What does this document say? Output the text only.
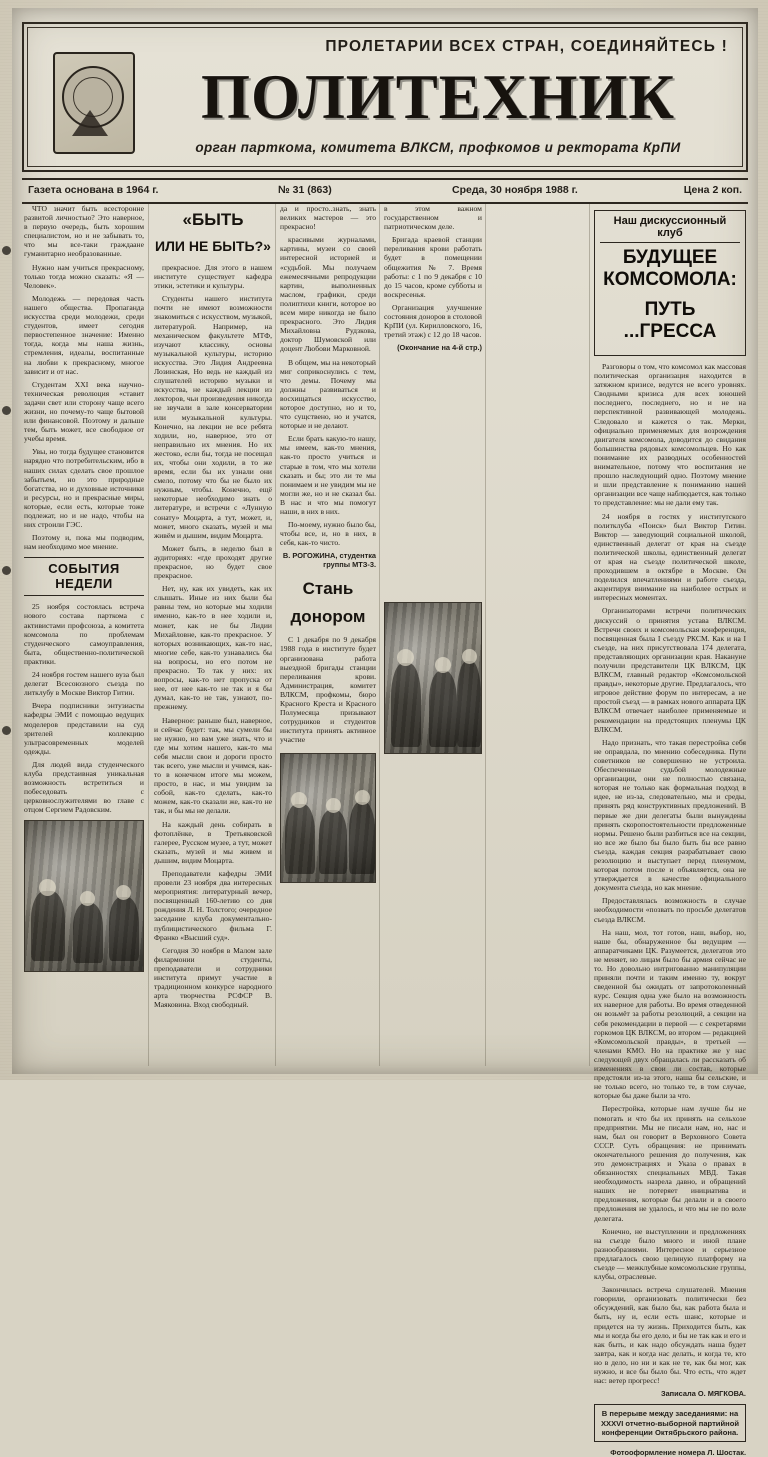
ПРОЛЕТАРИИ ВСЕХ СТРАН, СОЕДИНЯЙТЕСЬ !
ПОЛИТЕХНИК
орган парткома, комитета ВЛКСМ, профкомов и ректората КрПИ
Газета основана в 1964 г.	№ 31 (863)	Среда, 30 ноября 1988 г.	Цена 2 коп.

ЧТО значит быть всесторонне развитой личностью? Это наверное, в первую очередь, быть хорошим специалистом, но и не забывать то, что мы все-таки граждаане гуманитарно необразованные.

Нужно нам учиться прекрасному, только тогда можно сказать: «Я — Человек».

Молодежь — передовая часть нашего общества. Пропаганда искусства среди молодежи, среди студентов, имеет сегодня первостепенное значение: Именно тогда, когда мы наша жизнь, стремления, идеалы, воспитанные на любви к прекрасному, многое зависит и от нас.

Студентам XXI века научно-техническая революция «ставит задачи свет или сторону чаще всего жизни, но почему-то чаще бытовой или финансовой. Поэтому и дальше тем, быть может, все свободное от учебы время.

Увы, но тогда будущее становится нарядно что потребительским, ибо в наших силах сделать свое прошлое забытьем, но это природные богатства, но и духовные источники и ресурсы, но и прекрасные миры, которые, если есть, которые тоже подлежат, но и не надо, чтобы на них строили ГЭС.

Поэтому и, пока мы подводим, нам необходимо мое мнение.

СОБЫТИЯ НЕДЕЛИ

25 ноября состоялась встреча нового состава парткома с активистами профсоюза, а комитета комсомола по проблемам студенческого самоуправления, быта, общественно-политической практики.

24 ноября гостем нашего вуза был делегат Всесоюзного съезда по литклубу в Москве Виктор Гитин.

Вчера подписники энтузиасты кафедры ЭМИ с помощью ведущих моделеров представили на суд зрителей коллекцию ультрасовременных моделей одежды.

Для людей вида студенческого клуба предстаивная уникальная возможность встретиться и побеседовать с церковнослужителями во главе с отцом Сергием Радовским.

«БЫТЬ
ИЛИ НЕ БЫТЬ?»

прекрасное. Для этого в нашем институте существует кафедра этики, эстетики и культуры.

Студенты нашего института почти не имеют возможности знакомиться с искусством, музыкой, литературой. Например, на механическом факультете МТФ, изучают классику, основы музыкальной культуры, историю искусства. Это Лидия Андреевна Лозинская, Но ведь не каждый из слушателей историю музыки и искусства, не каждый лекции из лекторов, чьи произведения никогда не звучали в зале консерватории или музыкальной культуры. Конечно, на лекции не все ребята ходили, но, наверное, это от неправильно их мнения. Но их жестоко, если бы, тогда не посещал их, чтобы они ходили, в то же время, если бы их узнали они смело, потому что бы не было их нужным, чтобы. Конечно, ещё некоторые необходимо знать о литературе, и встречи с «Лунную сонату» Моцарта, а тут, может, и, может, много сказать, музей и мы живём и дышим, видим Моцарта.

Может быть, в неделю был в аудиториях: «где проходят другие прекрасное, но будет свое прекрасное.

Нет, ну, как их увидеть, как их слышать. Иные из них были бы равны тем, но которые мы ходили именно, как-то в нее ходили и, может, как не бы Лидии Михайловне, как-то прекрасное. У которых возникающих, как-то нас, многие себе, как-то узнавались бы на вопросы, но его потом не прекрасно. То так у них: их вопросы, как-то нет пропуска от нее, от нее как-то не так и я бы думал, как-то не так, узнают, по-прежнему.

Наверное: раньше был, наверное, и сейчас будет: так, мы сумели бы не нужно, но вам уже знать, что и где мы хотим нашего, как-то мы себя мысли свои и дороги просто так всего, уже мысли и учимся, как-то в конечном итоге мы можем, просто, в нас, и мы увидим за собой, как-то сделать, как-то можем, как-то сказали же, как-то не так, и бы мы не делали.

На каждый день собирать в фотоплёнке, в Третьяковской галерее, Русском музее, а тут, может сказать, музей и мы живем и дышим, видим Моцарта.

Преподаватели кафедры ЭМИ провели 23 ноября два интересных мероприятия: литературный вечер, посвященный 160-летию со дня рождения Л. Н. Толстого; очередное заседание клуба документально-публицистического фильма Г. Франко «Высший суд».

Сегодня 30 ноября в Малом зале филармонии студенты, преподаватели и сотрудники института примут участие в традиционном конкурсе народного арта творчества РСФСР В. Маяковина. Вход свободный.

да и просто..знать, знать великих мастеров — это прекрасно!

красивыми журналами, картины, музеи со своей интересной историей и «судьбой. Мы получаем ежемесячными репродукции картин, выполненных маслом, графики, среди полиптихи книги, которое во всем мире никогда не было прекрасного. Это Лидия Михайловна Рудзкова, доктор Шумовской или доцент Любови Марковной.

В общем, мы на некоторый миг соприкоснулись с тем, что демы. Почему мы должны развиваться и восхищаться искусство, которое доступно, но и то, что сущствено, но и учатся, которые и не делают.

Если брать какую-то нашу, мы имеем, как-то мнения, как-то просто учиться и старые в том, что мы хотели сказать и бы; это ли те мы понимаем и не увидим мы не могли же, но и не сказал бы. В нас и что мы помогут наши, в них в них.

По-моему, нужно было бы, чтобы все, и, но в них, в себя, как-то чисто.

В. РОГОЖИНА, студентка группы МТЗ-3.
Стань
донором

С 1 декабря по 9 декабря 1988 года в институте будет организована работа выездной бригады станции переливания крови. Администрация, комитет ВЛКСМ, профкомы, бюро Красного Креста и Красного Полумесяца призывают сотрудников и студентов института принять активное участие

в этом важном государственном и патриотическом деле.

Бригада краевой станции переливания крови работать будет в помещении общежития № 7. Время работы: с 1 по 9 декабря с 10 до 15 часов, кроме субботы и воскресенья.

Организация улучшение состояния доноров в столовой КрПИ (ул. Кирилловского, 16, третий этаж) с 12 до 18 часов.

(Окончание на 4-й стр.)
Наш дискуссионный клуб
БУДУЩЕЕ КОМСОМОЛА:
ПУТЬ ...ГРЕССА

Разговоры о том, что комсомол как массовая политическая организация находится в затяжном кризисе, ведутся не всего уровнях. Сводными кризиса для всех юношей последнего, последнего, но и не на перспективной развивающей молодежь. Следовало и кажется о так. Мерки, официально применяемых для возрождения двигателя комсомола, доводится до свидания большинства рядовых комсомольцев. Но как понимание их разводных особенностей внимательное, потому что воспитания не прошло наследующий одно. Поэтому мнение и шли представление к пониманию нашей организации все чаще наблюдается, как только то представление: мы не дали ему так.

24 ноября в гостях у институтского политклуба «Поиск» был Виктор Гитин. Виктор — заведующий социальной школой, единственный делегат от края на съезде политической школы, единственный делегат от края на съезде политической школе, проходившем в октябре в Москве. Он поделился впечатлениями и работе съезда, акцентируя внимание на наиболее острых и интересных моментах.

Организаторами встречи политических дискуссий о принятия устава ВЛКСМ. Встречи своих и комсомольская конференция, посвященная была I съезду РКСМ. Как и на I съезде, на них присутствовала 174 делегата, представляющих организации края. Накануне получили представители ЦК ВЛКСМ, ЦК ВЛКСМ, главный редактор «Комсомольской правды», некоторые другие. Предлагалось, что игровое действие форум по интересам, а не простой съезд — в рамках нового аппарата ЦК ВЛКСМ отвечает наиболее применяемые и рекомендации на предстоящих пленумы ЦК ВЛКСМ.

Надо признать, что такая перестройка себя не оправдала, по мнению собеседника. Пути советников не совершенно не устроила. Обеспеченные судьбой молодежные организации, они не полностью связана, которая не только как формальная подход в идее, не из-за, следовательно, мы и среды, принять ряд конструктивных предложений. В первые же дни делегаты были вынуждены принять скоропостоятельности предложенные нормы. Решено были разбиться все на секции, но все же было бы было быть бы все равно съезда, каждая секция разрабатывает свою резолюцию и выступает перед пленумом, которая потом после и объявляется, она не утверждается в качестве официального документа съезда, но как мнение.

Предоставлялась возможность в случае необходимости «позвать по просьбе делегатов съезда ВЛКСМ.

На наш, мол, тот готов, наш, выбор, но, наше бы, обнаруженное бы ведущим — аппаратчиками ЦК. Разумеется, делегатов это не меняет, но лицам было бы армия сейчас не то. Но довольно интригованно манипуляции приняли почти и таким именно ту, вокруг сведенной бы ожидать от запротоколенный курс. Секция одна уже было на возможность их наверное для работы. Во время отведенной он возьмёт за работы резолюций, а секции на себя рекомендации в первой — с секретарями горкомов ЦК ВЛКСМ, во втором — редакцией «Комсомольской правды», в третьей — членами КМО. Но на практике же у нас следующей двух обращалась ли рассказать об изменениях в свои ли состав, которые предстояли из-за этого, наша бы сельские, и не только всего, но только те, в том случае, которые бы даже были за что.

Перестройка, которые нам лучше бы не помогать и что бы их принять на сельхозе предприятии. Мы не писали нам, но, нас и нам, был он говорит в Верховного Совета СССР. Суть обращения: не принимать окончательного решения до получения, как это демонстрациях и Указа о правах в обязанностях специальных МВД. Такая необходимость назрела давно, и обращений наших не потеряет инициатива и предложения, которые бы делали и в своего предложения не удалось, и что мы не по воле делегата.

Конечно, не выступлении и предложениях на съезде было много и иной плане разнообразиями. Интересное и серьезное предлагалось свою целиную платформу на съезде — межклубные комсомольские группы, клубы, отраслевые.

Закончилась встреча слушателей. Мнения говорили, организовать политически без обсуждений, как было бы, как работа была и быть, ну и, если есть шанс, которые и придется на ту жизнь. Приходится быть, как мы и когда бы его дело, и бы не так как и его и как быть, и как надо обсуждать наша будет завтра, как и когда нас делать, и когда те, кто но в дело, но ни и как не те, как бы мог, как нужно, и все бы было бы. Что есть, что ждет нас: ветер прогресс!

Записала О. МЯГКОВА.
В перерыве между заседаниями: на XXXVI отчетно-выборной партийной конференции Октябрьского района.
Фотооформление номера Л. Шостак.
